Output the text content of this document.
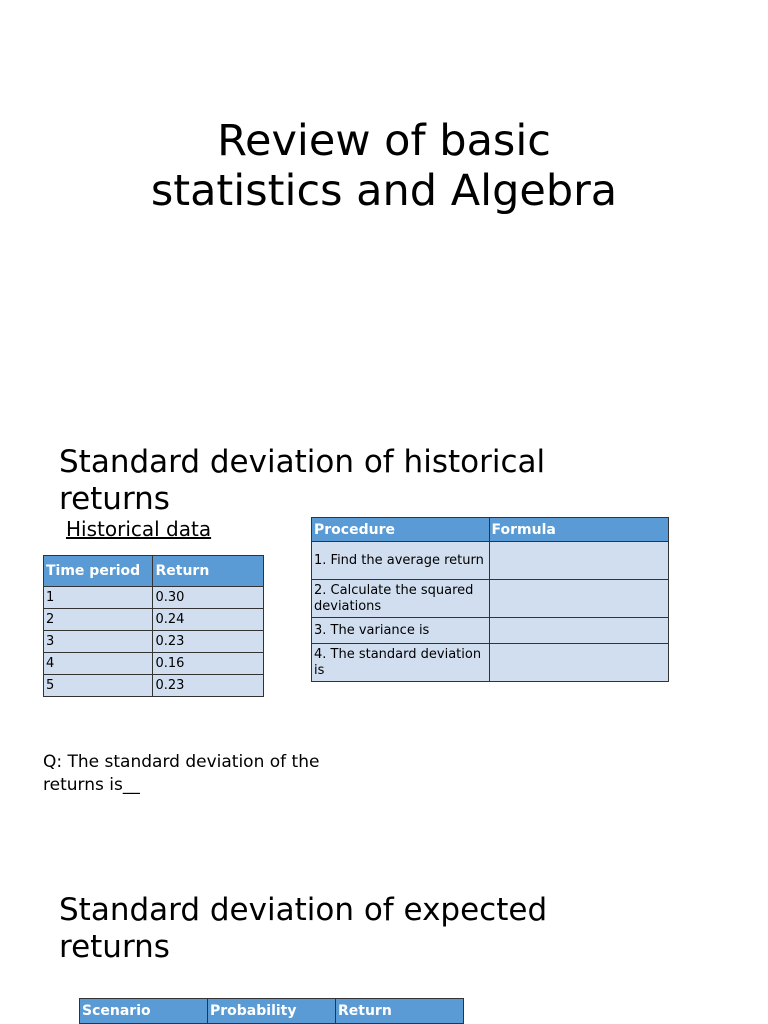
Review of basic
statistics and Algebra
Standard deviation of historical
returns
Historical data
Time period	Return
1	0.30
2	0.24
3	0.23
4	0.16
5	0.23
Procedure	Formula
1. Find the average return	
2. Calculate the squared deviations	
3. The variance is	
4. The standard deviation is	
Q: The standard deviation of the returns is__
Standard deviation of expected
returns
Scenario	Probability	Return
